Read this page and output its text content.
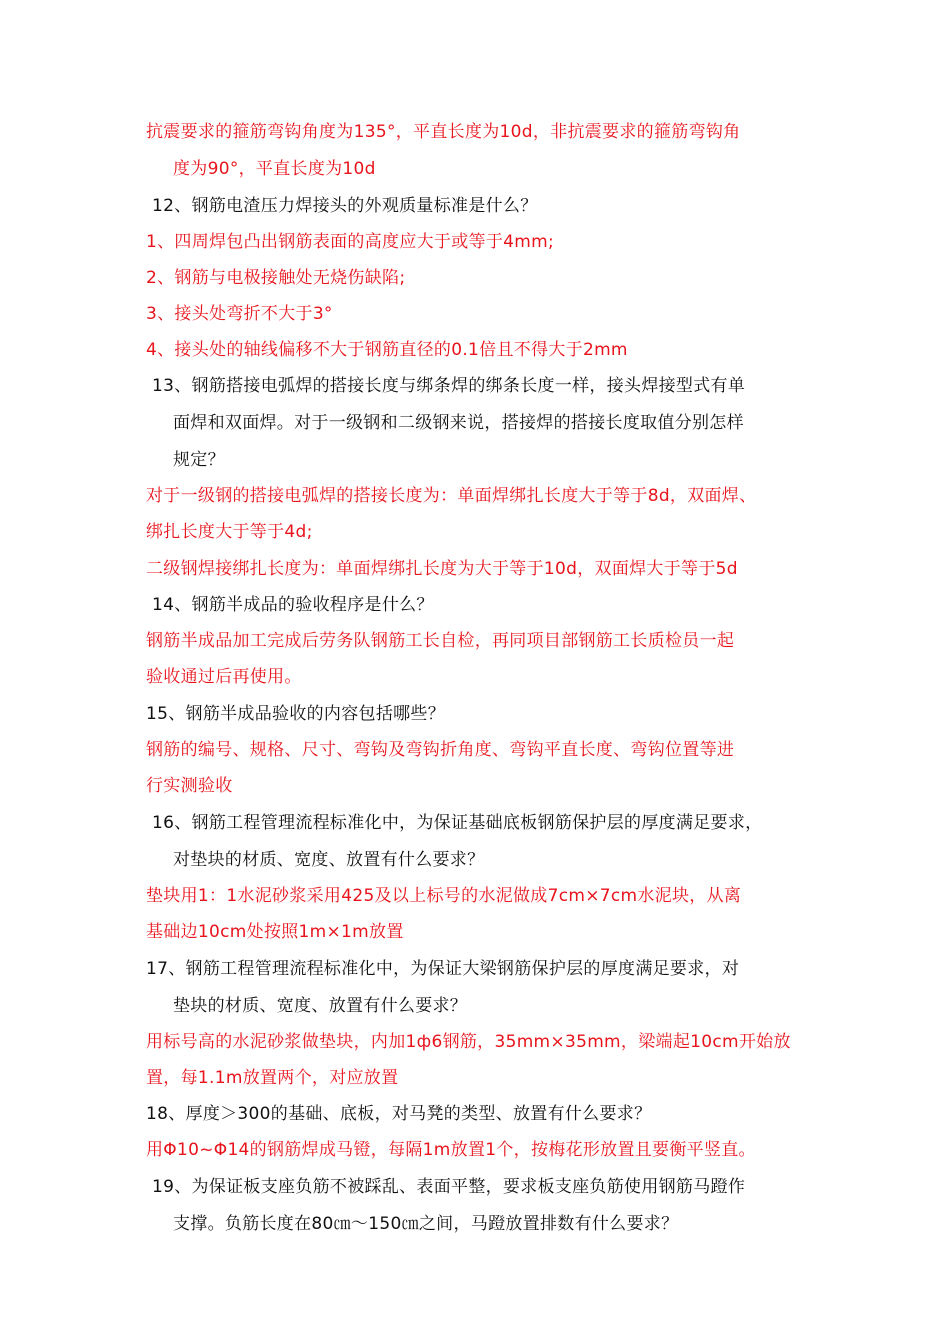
抗震要求的箍筋弯钩角度为135°，平直长度为10d，非抗震要求的箍筋弯钩角
度为90°，平直长度为10d
12、钢筋电渣压力焊接头的外观质量标准是什么？
1、四周焊包凸出钢筋表面的高度应大于或等于4mm;
2、钢筋与电极接触处无烧伤缺陷;
3、接头处弯折不大于3°
4、接头处的轴线偏移不大于钢筋直径的0.1倍且不得大于2mm
13、钢筋搭接电弧焊的搭接长度与绑条焊的绑条长度一样，接头焊接型式有单
面焊和双面焊。对于一级钢和二级钢来说，搭接焊的搭接长度取值分别怎样
规定？
对于一级钢的搭接电弧焊的搭接长度为：单面焊绑扎长度大于等于8d，双面焊、
绑扎长度大于等于4d;
二级钢焊接绑扎长度为：单面焊绑扎长度为大于等于10d，双面焊大于等于5d
14、钢筋半成品的验收程序是什么？
钢筋半成品加工完成后劳务队钢筋工长自检，再同项目部钢筋工长质检员一起
验收通过后再使用。
15、钢筋半成品验收的内容包括哪些？
钢筋的编号、规格、尺寸、弯钩及弯钩折角度、弯钩平直长度、弯钩位置等进
行实测验收
16、钢筋工程管理流程标准化中，为保证基础底板钢筋保护层的厚度满足要求，
对垫块的材质、宽度、放置有什么要求？
垫块用1：1水泥砂浆采用425及以上标号的水泥做成7cm×7cm水泥块，从离
基础边10cm处按照1m×1m放置
17、钢筋工程管理流程标准化中，为保证大梁钢筋保护层的厚度满足要求，对
垫块的材质、宽度、放置有什么要求？
用标号高的水泥砂浆做垫块，内加1ф6钢筋，35mm×35mm，梁端起10cm开始放
置，每1.1m放置两个，对应放置
18、厚度＞300的基础、底板，对马凳的类型、放置有什么要求？
用Φ10~Φ14的钢筋焊成马镫，每隔1m放置1个，按梅花形放置且要衡平竖直。
19、为保证板支座负筋不被踩乱、表面平整，要求板支座负筋使用钢筋马蹬作
支撑。负筋长度在80㎝～150㎝之间，马蹬放置排数有什么要求？
